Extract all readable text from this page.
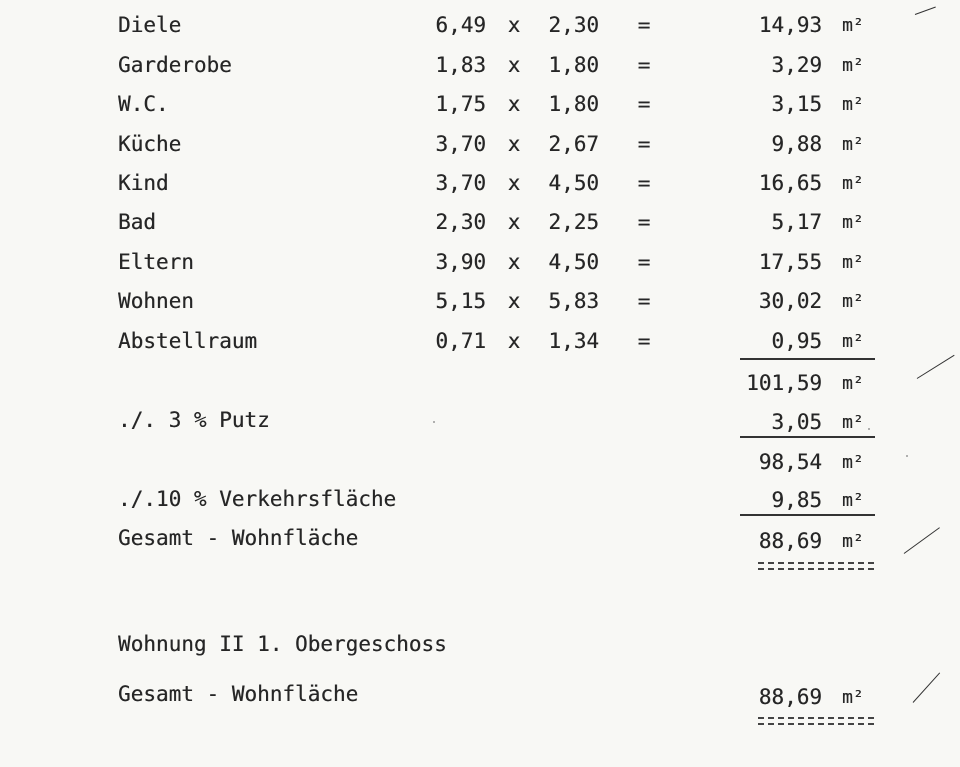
Diele	6,49 x 2,30 =	14,93 m²
Garderobe	1,83 x 1,80 =	3,29 m²
W.C.	1,75 x 1,80 =	3,15 m²
Küche	3,70 x 2,67 =	9,88 m²
Kind	3,70 x 4,50 =	16,65 m²
Bad	2,30 x 2,25 =	5,17 m²
Eltern	3,90 x 4,50 =	17,55 m²
Wohnen	5,15 x 5,83 =	30,02 m²
Abstellraum	0,71 x 1,34 =	0,95 m²
101,59 m²
./. 3 % Putz	3,05 m²
98,54 m²
./.10 % Verkehrsfläche	9,85 m²
Gesamt - Wohnfläche	88,69 m²
Wohnung II 1. Obergeschoss
Gesamt - Wohnfläche	88,69 m²
